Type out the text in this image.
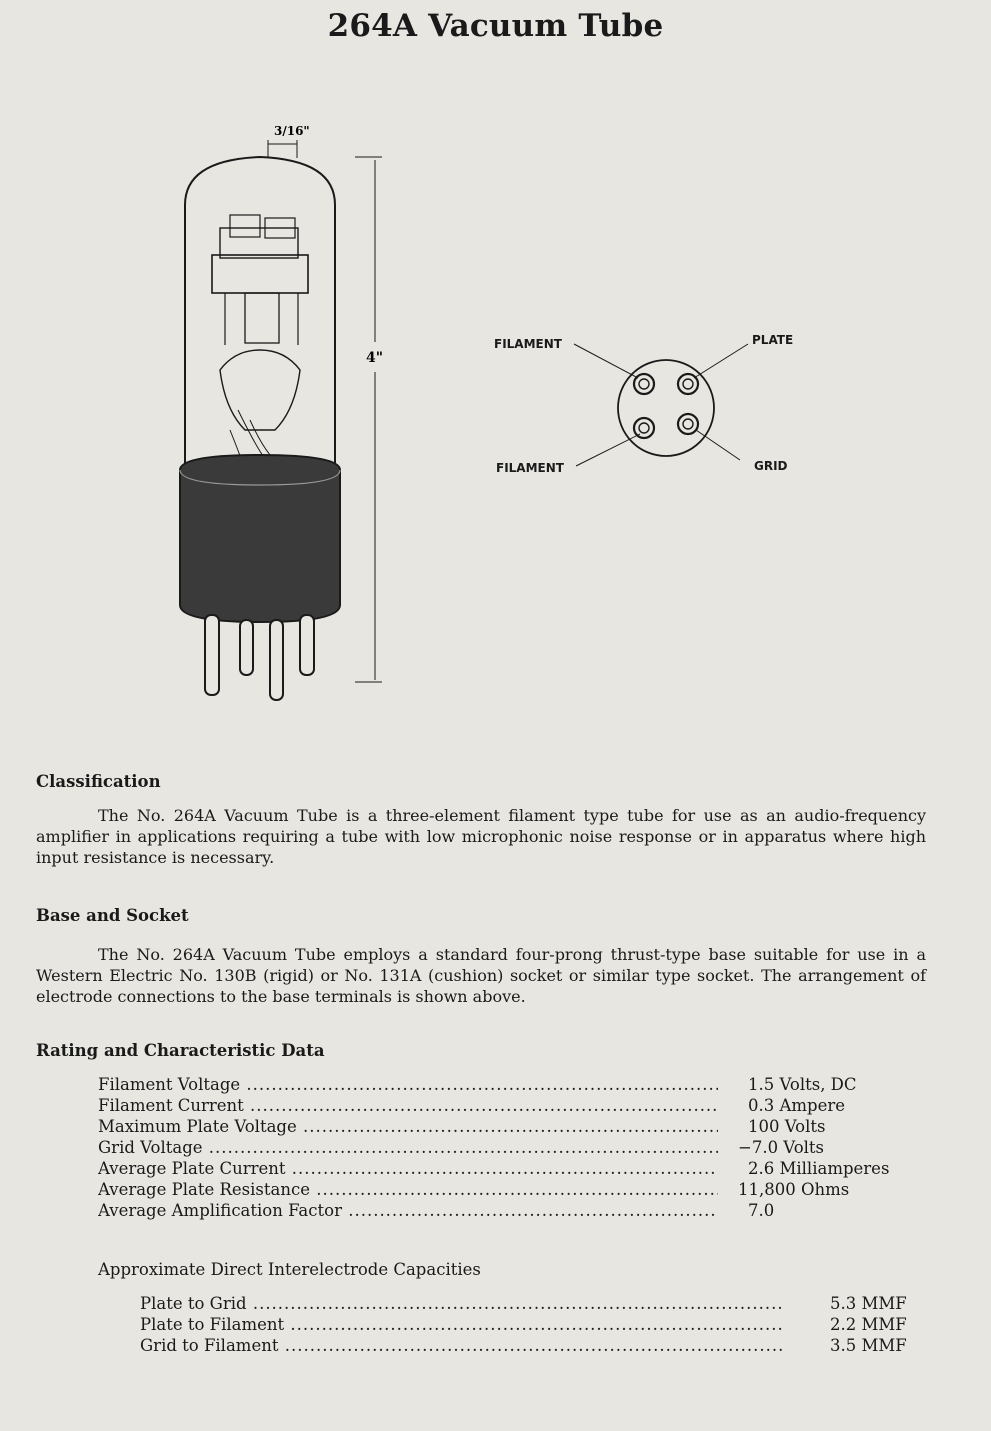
264A Vacuum Tube
3/16"
4"
FILAMENT	PLATE
FILAMENT	GRID
Classification

The No. 264A Vacuum Tube is a three-element filament type tube for use as an audio-frequency amplifier in applications requiring a tube with low microphonic noise response or in apparatus where high input resistance is necessary.

Base and Socket

The No. 264A Vacuum Tube employs a standard four-prong thrust-type base suitable for use in a Western Electric No. 130B (rigid) or No. 131A (cushion) socket or similar type socket. The arrangement of electrode connections to the base terminals is shown above.

Rating and Characteristic Data
Filament Voltage .....	1.5 Volts, DC
Filament Current .....	0.3 Ampere
Maximum Plate Voltage .....	100 Volts
Grid Voltage .....	−7.0 Volts
Average Plate Current .....	2.6 Milliamperes
Average Plate Resistance .....	11,800 Ohms
Average Amplification Factor .....	7.0
Approximate Direct Interelectrode Capacities
Plate to Grid .....	5.3 MMF
Plate to Filament .....	2.2 MMF
Grid to Filament .....	3.5 MMF
